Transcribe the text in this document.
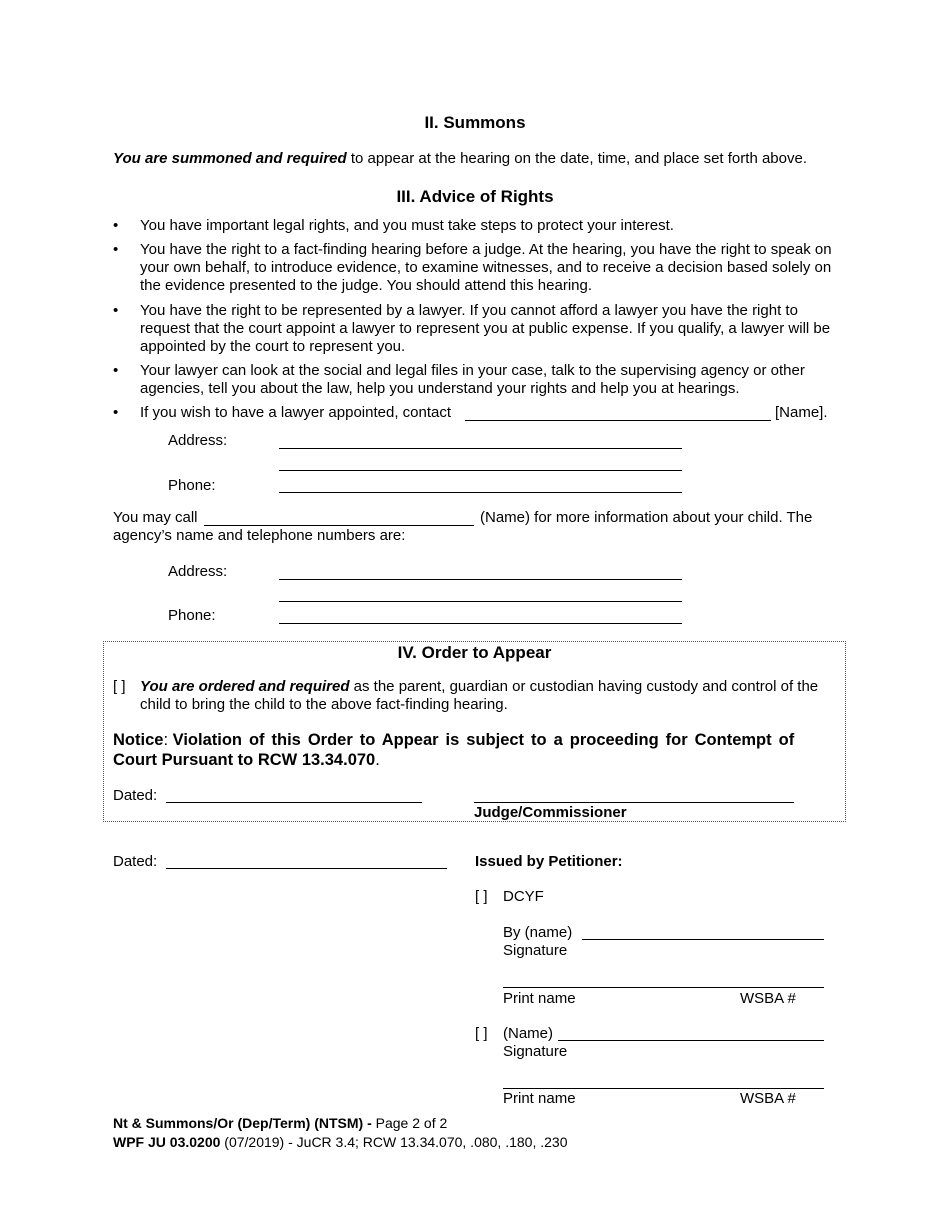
II. Summons
You are summoned and required to appear at the hearing on the date, time, and place set forth above.
III. Advice of Rights
• You have important legal rights, and you must take steps to protect your interest.
• You have the right to a fact-finding hearing before a judge. At the hearing, you have the right to speak on your own behalf, to introduce evidence, to examine witnesses, and to receive a decision based solely on the evidence presented to the judge. You should attend this hearing.
• You have the right to be represented by a lawyer. If you cannot afford a lawyer you have the right to request that the court appoint a lawyer to represent you at public expense. If you qualify, a lawyer will be appointed by the court to represent you.
• Your lawyer can look at the social and legal files in your case, talk to the supervising agency or other agencies, tell you about the law, help you understand your rights and help you at hearings.
• If you wish to have a lawyer appointed, contact	[Name].
Address:
Phone:
You may call	(Name) for more information about your child. The
agency’s name and telephone numbers are:
Address:
Phone:
IV. Order to Appear
[ ] You are ordered and required as the parent, guardian or custodian having custody and control of the
child to bring the child to the above fact-finding hearing.
Notice: Violation of this Order to Appear is subject to a proceeding for Contempt of
Court Pursuant to RCW 13.34.070.
Dated:
Judge/Commissioner
Dated:	Issued by Petitioner:
[ ] DCYF
By (name)
Signature
Print name	WSBA #
[ ] (Name)
Signature
Print name	WSBA #
Nt & Summons/Or (Dep/Term) (NTSM) - Page 2 of 2
WPF JU 03.0200 (07/2019) - JuCR 3.4; RCW 13.34.070, .080, .180, .230
